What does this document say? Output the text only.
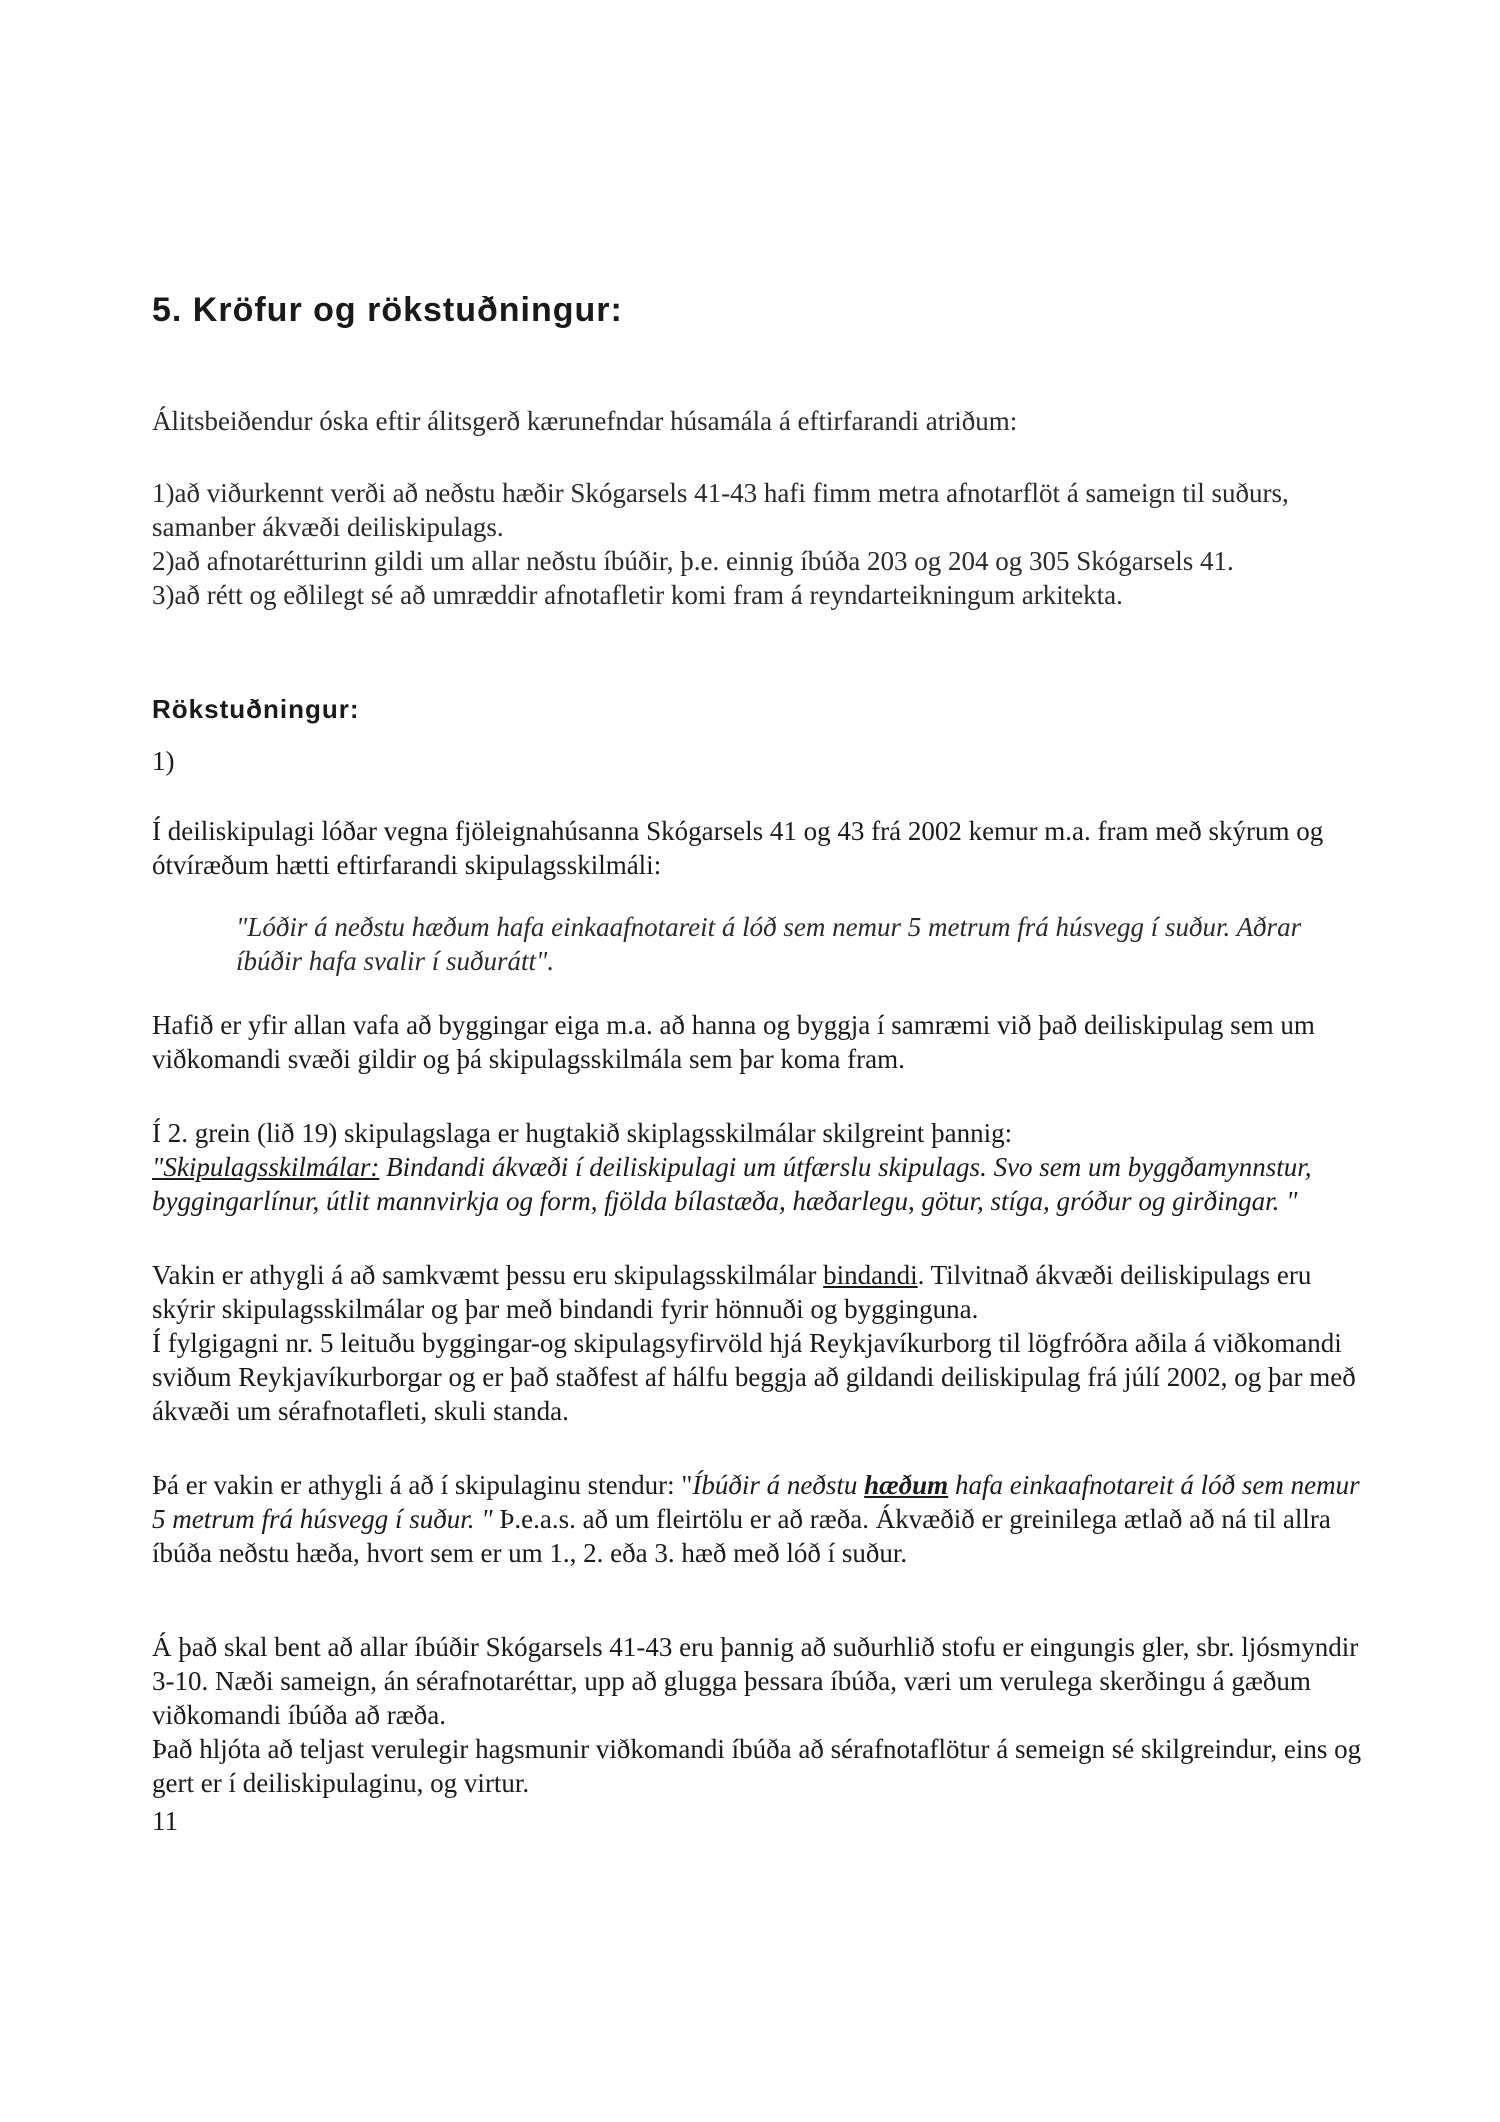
5. Kröfur og rökstuðningur:

Álitsbeiðendur óska eftir álitsgerð kærunefndar húsamála á eftirfarandi atriðum:

1)að viðurkennt verði að neðstu hæðir Skógarsels 41-43 hafi fimm metra afnotarflöt á sameign til suðurs, samanber ákvæði deiliskipulags.

2)að afnotarétturinn gildi um allar neðstu íbúðir, þ.e. einnig íbúða 203 og 204 og 305 Skógarsels 41.

3)að rétt og eðlilegt sé að umræddir afnotafletir komi fram á reyndarteikningum arkitekta.

Rökstuðningur:

1)

Í deiliskipulagi lóðar vegna fjöleignahúsanna Skógarsels 41 og 43 frá 2002 kemur m.a. fram með skýrum og ótvíræðum hætti eftirfarandi skipulagsskilmáli:

"Lóðir á neðstu hæðum hafa einkaafnotareit á lóð sem nemur 5 metrum frá húsvegg í suður. Aðrar íbúðir hafa svalir í suðurátt".

Hafið er yfir allan vafa að byggingar eiga m.a. að hanna og byggja í samræmi við það deiliskipulag sem um viðkomandi svæði gildir og þá skipulagsskilmála sem þar koma fram.

Í 2. grein (lið 19) skipulagslaga er hugtakið skiplagsskilmálar skilgreint þannig:
"Skipulagsskilmálar: Bindandi ákvæði í deiliskipulagi um útfærslu skipulags. Svo sem um byggðamynnstur, byggingarlínur, útlit mannvirkja og form, fjölda bílastæða, hæðarlegu, götur, stíga, gróður og girðingar. "

Vakin er athygli á að samkvæmt þessu eru skipulagsskilmálar bindandi. Tilvitnað ákvæði deiliskipulags eru skýrir skipulagsskilmálar og þar með bindandi fyrir hönnuði og bygginguna.
Í fylgigagni nr. 5 leituðu byggingar-og skipulagsyfirvöld hjá Reykjavíkurborg til lögfróðra aðila á viðkomandi sviðum Reykjavíkurborgar og er það staðfest af hálfu beggja að gildandi deiliskipulag frá júlí 2002, og þar með ákvæði um sérafnotafleti, skuli standa.

Þá er vakin er athygli á að í skipulaginu stendur: "Íbúðir á neðstu hæðum hafa einkaafnotareit á lóð sem nemur 5 metrum frá húsvegg í suður. " Þ.e.a.s. að um fleirtölu er að ræða. Ákvæðið er greinilega ætlað að ná til allra íbúða neðstu hæða, hvort sem er um 1., 2. eða 3. hæð með lóð í suður.

Á það skal bent að allar íbúðir Skógarsels 41-43 eru þannig að suðurhlið stofu er eingungis gler, sbr. ljósmyndir 3-10. Næði sameign, án sérafnotaréttar, upp að glugga þessara íbúða, væri um verulega skerðingu á gæðum viðkomandi íbúða að ræða.

Það hljóta að teljast verulegir hagsmunir viðkomandi íbúða að sérafnotaflötur á semeign sé skilgreindur, eins og gert er í deiliskipulaginu, og virtur.

11
